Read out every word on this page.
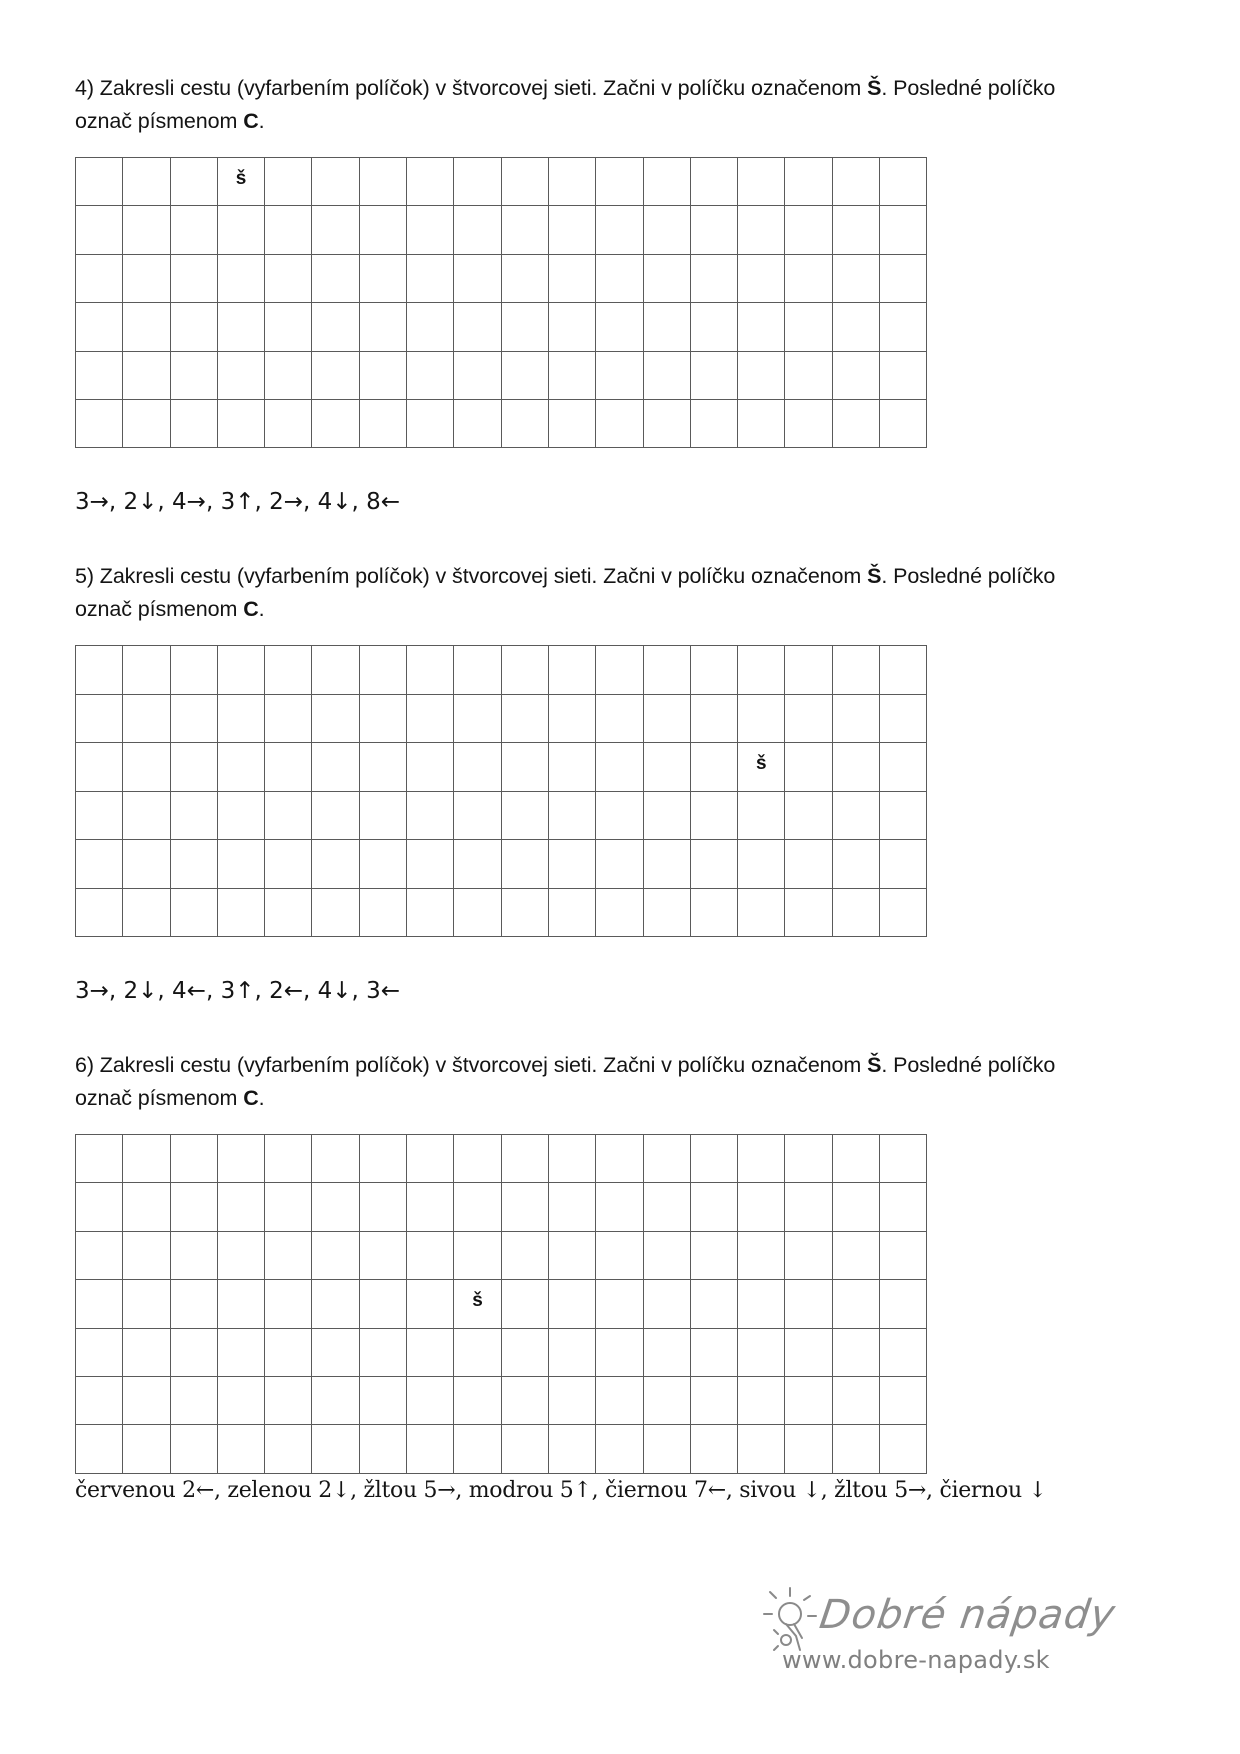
4) Zakresli cestu (vyfarbením políčok) v štvorcovej sieti. Začni v políčku označenom Š. Posledné políčko
označ písmenom C.
			š														

3→, 2↓, 4→, 3↑, 2→, 4↓, 8←
5) Zakresli cestu (vyfarbením políčok) v štvorcovej sieti. Začni v políčku označenom Š. Posledné políčko
označ písmenom C.

														š			

3→, 2↓, 4←, 3↑, 2←, 4↓, 3←
6) Zakresli cestu (vyfarbením políčok) v štvorcovej sieti. Začni v políčku označenom Š. Posledné políčko
označ písmenom C.

								š									

červenou 2←, zelenou 2↓, žltou 5→, modrou 5↑, čiernou 7←, sivou ↓, žltou 5→, čiernou ↓
Dobré nápady
www.dobre-napady.sk
